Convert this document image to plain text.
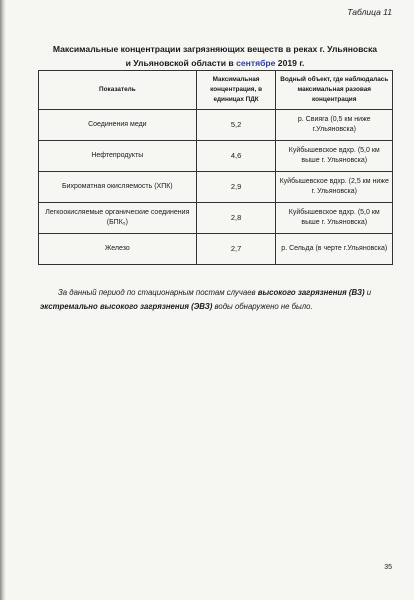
Таблица 11
Максимальные концентрации загрязняющих веществ в реках г. Ульяновска
и Ульяновской области в сентябре 2019 г.
Показатель	Максимальная концентрация, в единицах ПДК	Водный объект, где наблюдалась максимальная разовая концентрация
Соединения меди	5,2	р. Свияга (0,5 км ниже г.Ульяновска)
Нефтепродукты	4,6	Куйбышевское вдхр. (5,0 км выше г. Ульяновска)
Бихроматная окисляемость (ХПК)	2,9	Куйбышевское вдхр. (2,5 км ниже г. Ульяновска)
Легкоокисляемые органические соединения (БПК₅)	2,8	Куйбышевское вдхр. (5,0 км выше г. Ульяновска)
Железо	2,7	р. Сельда (в черте г.Ульяновска)
За данный период по стационарным постам случаев высокого загрязнения (ВЗ) и экстремально высокого загрязнения (ЭВЗ) воды обнаружено не было.
35
